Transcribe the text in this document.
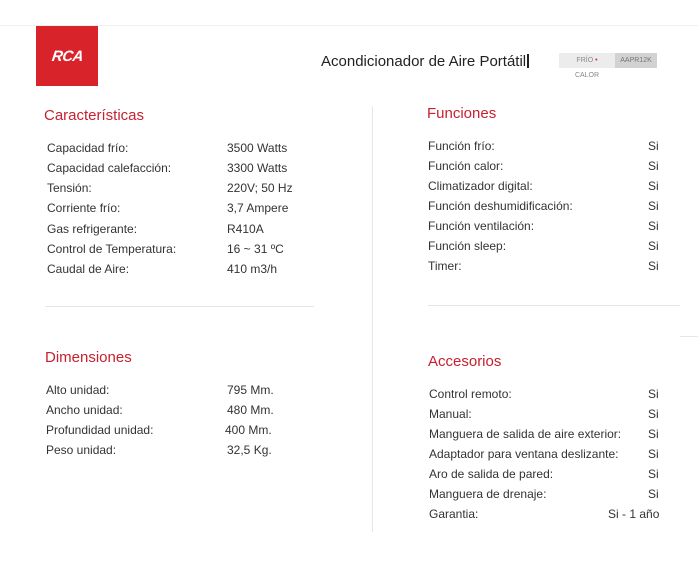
RCA	Acondicionador de Aire Portátil	FRÍO • CALOR
AAPR12K
Características
Capacidad frío:	3500 Watts
Capacidad calefacción:	3300 Watts
Tensión:	220V; 50 Hz
Corriente frío:	3,7 Ampere
Gas refrigerante:	R410A
Control de Temperatura:	16 ~ 31 ºC
Caudal de Aire:	410 m3/h
Dimensiones
Alto unidad:	795 Mm.
Ancho unidad:	480 Mm.
Profundidad unidad:	400 Mm.
Peso unidad:	32,5 Kg.
Funciones
Función frío:	Si
Función calor:	Si
Climatizador digital:	Si
Función deshumidificación:	Si
Función ventilación:	Si
Función sleep:	Si
Timer:	Si
Accesorios
Control remoto:	Si
Manual:	Si
Manguera de salida de aire exterior: Si
Adaptador para ventana deslizante: Si
Aro de salida de pared:	Si
Manguera de drenaje:	Si
Garantia:	Si - 1 año
